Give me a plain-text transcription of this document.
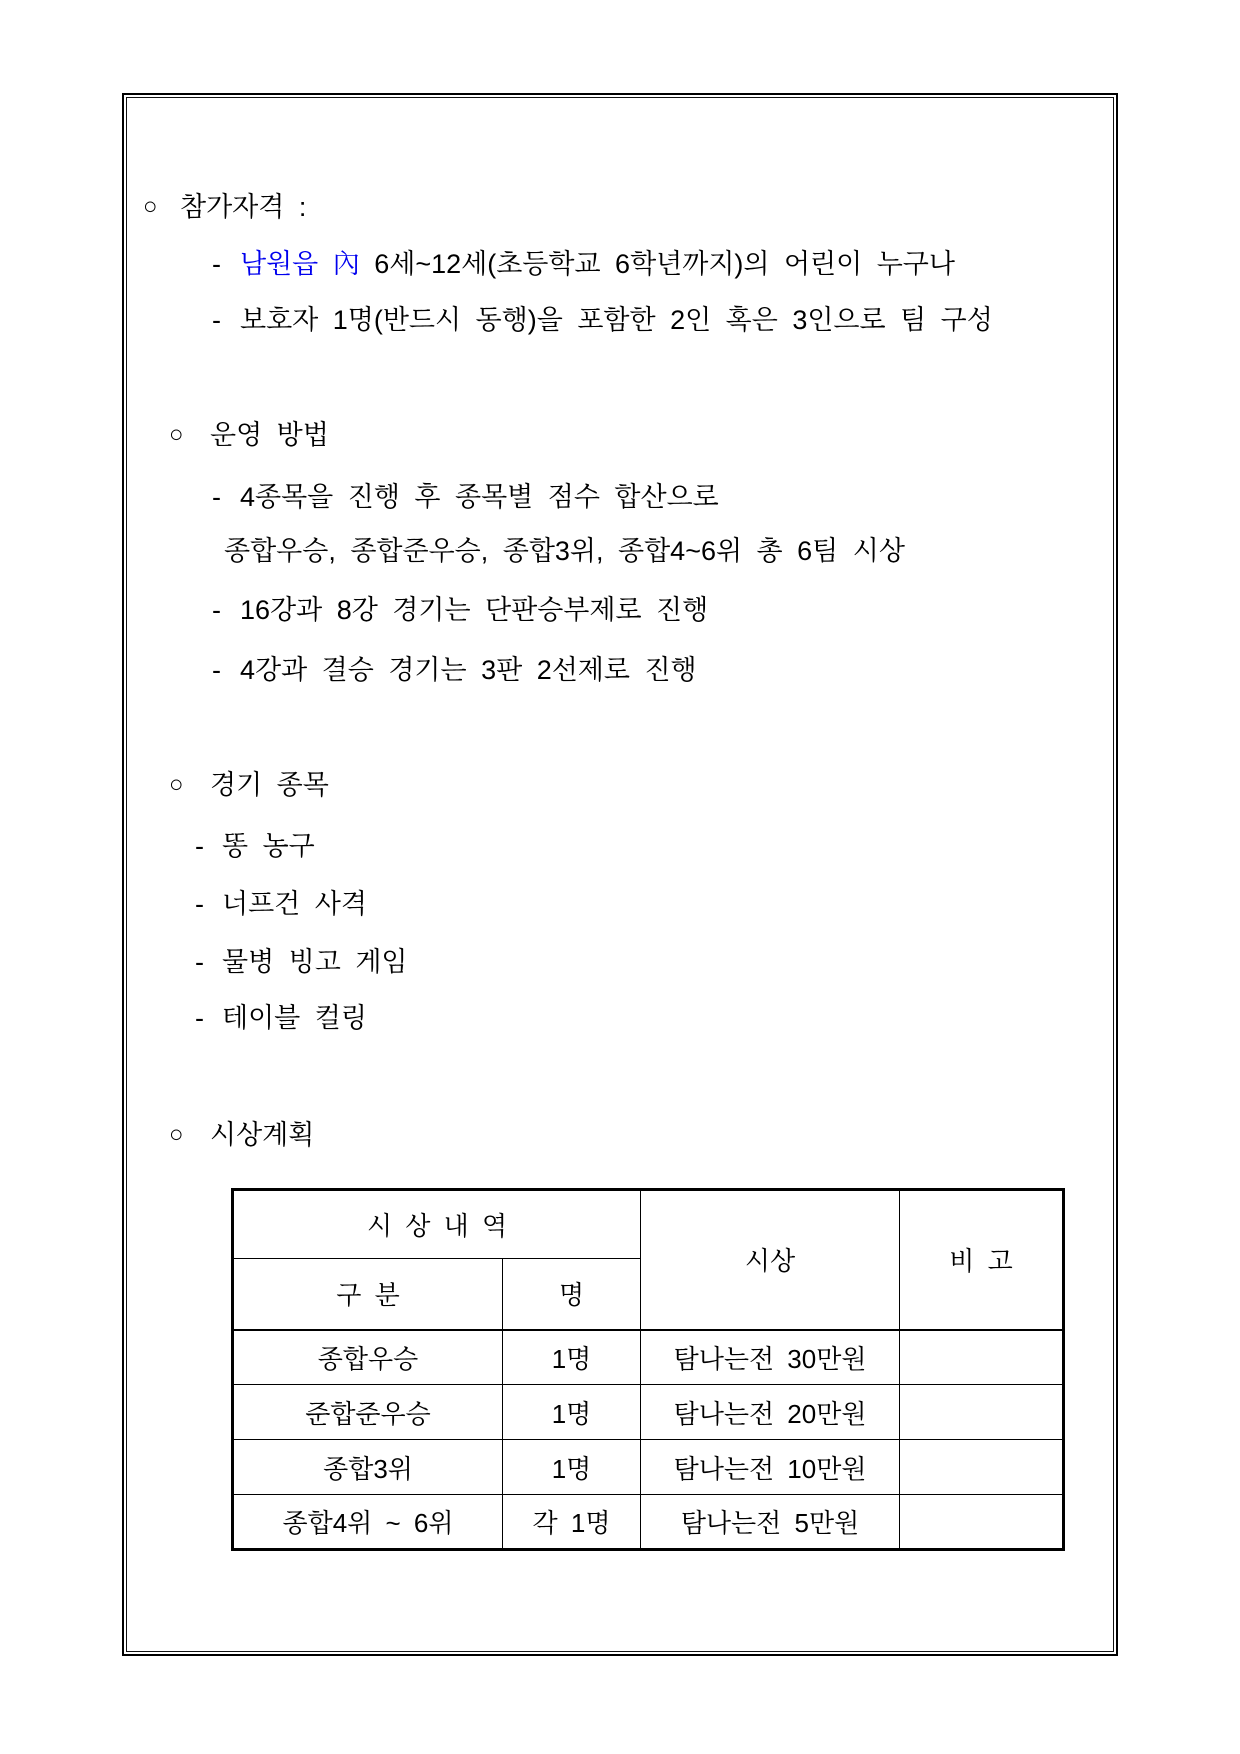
○ 참가자격 :
- 남원읍 內 6세~12세(초등학교 6학년까지)의 어린이 누구나
- 보호자 1명(반드시 동행)을 포함한 2인 혹은 3인으로 팀 구성
○ 운영 방법
- 4종목을 진행 후 종목별 점수 합산으로
종합우승, 종합준우승, 종합3위, 종합4~6위 총 6팀 시상
- 16강과 8강 경기는 단판승부제로 진행
- 4강과 결승 경기는 3판 2선제로 진행
○ 경기 종목
- 똥 농구
- 너프건 사격
- 물병 빙고 게임
- 테이블 컬링
○ 시상계획
시 상 내 역		시상	비 고
구 분	명		
종합우승	1명	탐나는전 30만원	
준합준우승	1명	탐나는전 20만원	
종합3위	1명	탐나는전 10만원	
종합4위 ~ 6위	각 1명	탐나는전 5만원	
